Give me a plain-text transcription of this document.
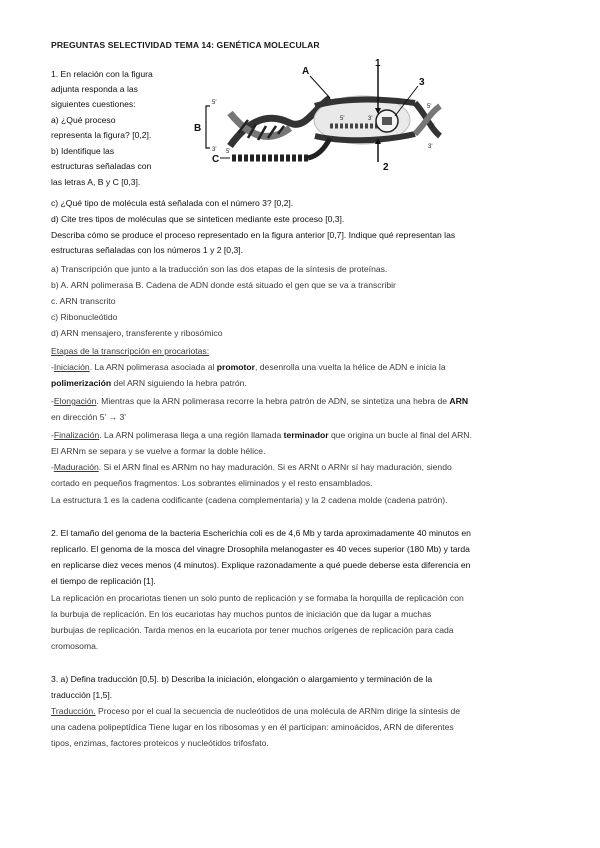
PREGUNTAS SELECTIVIDAD TEMA 14: GENÉTICA MOLECULAR
1. En relación con la figura
adjunta responda a las
siguientes cuestiones:
a) ¿Qué proceso
representa la figura? [0,2].
b) Identifique las
estructuras señaladas con
las letras A, B y C [0,3].
A
1
3
B
C
2
5'
5'
3'
5'
3'	3'
5'	3'
c) ¿Qué tipo de molécula está señalada con el número 3? [0,2].
d) Cite tres tipos de moléculas que se sinteticen mediante este proceso [0,3].
Describa cómo se produce el proceso representado en la figura anterior [0,7]. Indique qué representan las
estructuras señaladas con los números 1 y 2 [0,3].
a) Transcripción que junto a la traducción son las dos etapas de la síntesis de proteínas.
b) A. ARN polimerasa B. Cadena de ADN donde está situado el gen que se va a transcribir
c. ARN transcrito
c) Ribonucleótido
d) ARN mensajero, transferente y ribosómico
Etapas de la transcripción en procariotas:
-Iniciación. La ARN polimerasa asociada al promotor, desenrolla una vuelta la hélice de ADN e inicia la
polimerización del ARN siguiendo la hebra patrón.
-Elongación. Mientras que la ARN polimerasa recorre la hebra patrón de ADN, se sintetiza una hebra de ARN
en dirección 5' → 3'
-Finalización. La ARN polimerasa llega a una región llamada terminador que origina un bucle al final del ARN.
El ARNm se separa y se vuelve a formar la doble hélice.
-Maduración. Si el ARN final es ARNm no hay maduración. Si es ARNt o ARNr sí hay maduración, siendo
cortado en pequeños fragmentos. Los sobrantes eliminados y el resto ensamblados.
La estructura 1 es la cadena codificante (cadena complementaria) y la 2 cadena molde (cadena patrón).
2. El tamaño del genoma de la bacteria Escherichia coli es de 4,6 Mb y tarda aproximadamente 40 minutos en
replicarlo. El genoma de la mosca del vinagre Drosophila melanogaster es 40 veces superior (180 Mb) y tarda
en replicarse diez veces menos (4 minutos). Explique razonadamente a qué puede deberse esta diferencia en
el tiempo de replicación [1].
La replicación en procariotas tienen un solo punto de replicación y se formaba la horquilla de replicación con
la burbuja de replicación. En los eucariotas hay muchos puntos de iniciación que da lugar a muchas
burbujas de replicación. Tarda menos en la eucariota por tener muchos orígenes de replicación para cada
cromosoma.
3. a) Defina traducción [0,5]. b) Describa la iniciación, elongación o alargamiento y terminación de la
traducción [1,5].
Traducción. Proceso por el cual la secuencia de nucleótidos de una molécula de ARNm dirige la síntesis de
una cadena polipeptídica Tiene lugar en los ribosomas y en él participan: aminoácidos, ARN de diferentes
tipos, enzimas, factores proteicos y nucleótidos trifosfato.
